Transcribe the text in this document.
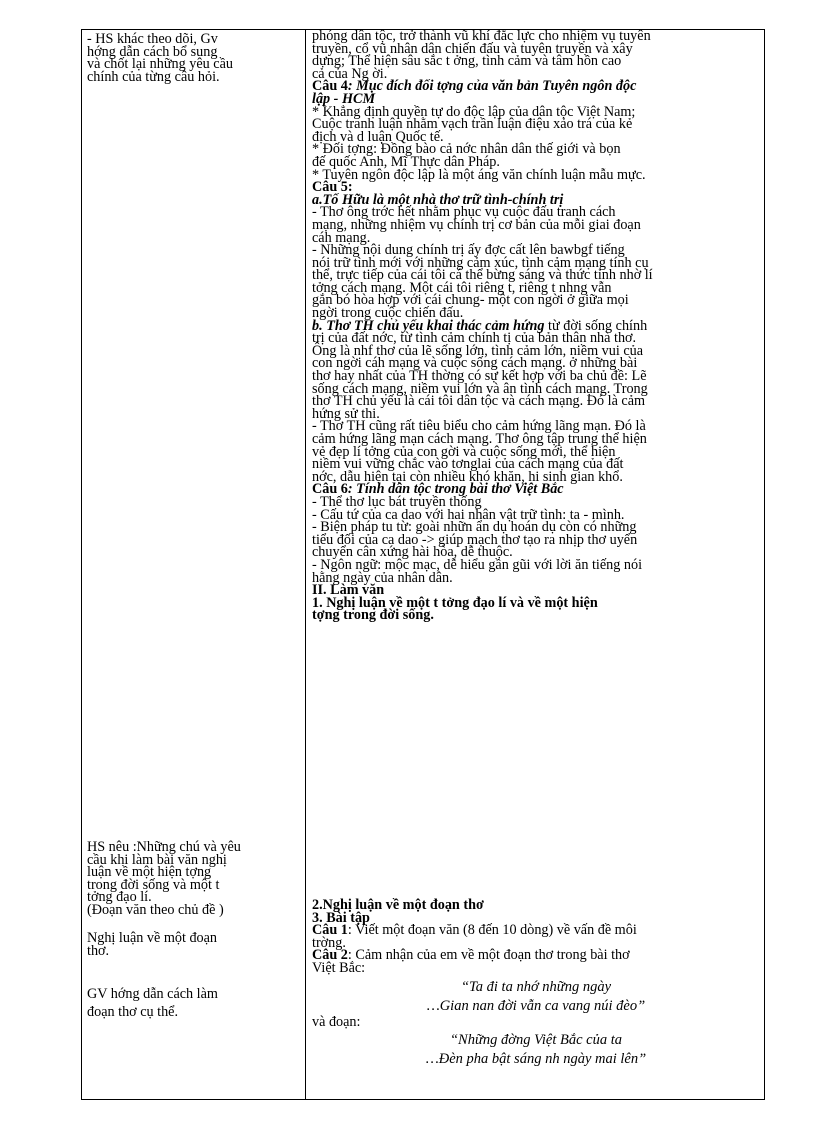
- HS khác theo dõi, Gv
hớng dẫn cách bổ sung
và chốt lại những yêu cầu
chính của từng câu hỏi.
HS nêu :Những chú và yêu
cầu khi làm bài văn nghị
luận về một hiện tợng
trong đời sống và một t
tởng đạo lí.
(Đoạn văn theo chủ đề )
Nghị luận về một đoạn
thơ.
GV hớng dẫn cách làm
đoạn thơ cụ thể.
phóng dân tộc, trở thành vũ khí đắc lực cho nhiệm vụ tuyên
truyền, cổ vũ nhân dân chiến đấu và tuyên truyền và xây
dựng; Thể hiện sâu sắc t ởng, tình cảm và tâm hồn cao
cả của Ng ời.
Câu 4: Mục đích đối tợng của văn bản Tuyên ngôn độc
lập - HCM
* Khẳng định quyền tự do độc lập của dân tộc Việt Nam;
Cuộc tranh luận nhằm vạch trần luận điệu xảo trá của kẻ
địch và d luận Quốc tế.
* Đối tợng: Đồng bào cả nớc nhân dân thế giới và bọn
đế quốc Anh, Mĩ Thực dân Pháp.
* Tuyên ngôn độc lập là một áng văn chính luận mẫu mực.
Câu 5:
a.Tố Hữu là một nhà thơ trữ tình-chính trị
- Thơ ông trớc hết nhằm phục vụ cuộc đấu tranh cách
mạng, những nhiệm vụ chính trị cơ bản của mỗi giai đoạn
cáh mạng.
- Những nội dung chính trị ấy đợc cất lên bawbgf tiếng
nói trữ tình mới với những cảm xúc, tình cảm mạng tính cụ
thể, trực tiếp của cái tôi cá thể bừng sáng và thức tỉnh nhờ lí
tởng cách mạng. Một cái tôi riêng t, riêng t nhng vẫn
gắn bó hòa hợp với cái chung- một con ngời ở giữa mọi
ngời trong cuộc chiến đấu.
b. Thơ TH chủ yếu khai thác cảm hứng từ đời sống chính
trị của đất nớc, từ tình cảm chính tị của bản thân nhà thơ.
Ông là nhf thơ của lẽ sống lớn, tình cảm lớn, niềm vui của
con ngời cáh mạng và cuộc sống cách mạng. ở những bài
thơ hay nhất của TH thờng có sự kết hợp với ba chủ đề: Lẽ
sống cách mạng, niềm vui lớn và ân tình cách mạng. Trong
thơ TH chủ yếu là cái tôi dân tộc và cách mạng. Đó là cảm
hứng sử thi.
- Thơ TH cũng rất tiêu biểu cho cảm hứng lãng mạn. Đó là
cảm hứng lãng mạn cách mạng. Thơ ông tập trung thể hiện
vẻ đẹp lí tởng của con gời và cuộc sống mới, thể hiện
niềm vui vững chắc vào tơnglai của cách mạng của đất
nớc, dẫu hiện tại còn nhiều khó khăn, hi sinh gian khổ.
Câu 6: Tính dân tộc trong bài thơ Việt Bắc
- Thể thơ lục bát truyền thống
- Cấu tứ của ca dao với hai nhân vật trữ tình: ta - mình.
- Biện pháp tu từ: goài nhữn ẩn dụ hoán dụ còn có những
tiểu đối của ca dao -> giúp mạch thơ tạo ra nhịp thơ uyển
chuyển cân xứng hài hòa, dễ thuộc.
- Ngôn ngữ: mộc mạc, dễ hiểu gần gũi với lời ăn tiếng nói
hằng ngày của nhân dân.
II. Làm văn
1. Nghị luận về một t tởng đạo lí và về một hiện
tợng trong đời sống.
2.Nghị luận về một đoạn thơ
3. Bài tập
Câu 1: Viết một đoạn văn (8 đến 10 dòng) về vấn đề môi
trờng.
Câu 2: Cảm nhận của em về một đoạn thơ trong bài thơ
Việt Bắc:
“Ta đi ta nhớ những ngày
…Gian nan đời vẫn ca vang núi đèo”
và đoạn:
“Những đờng Việt Bắc của ta
…Đèn pha bật sáng nh ngày mai lên”
